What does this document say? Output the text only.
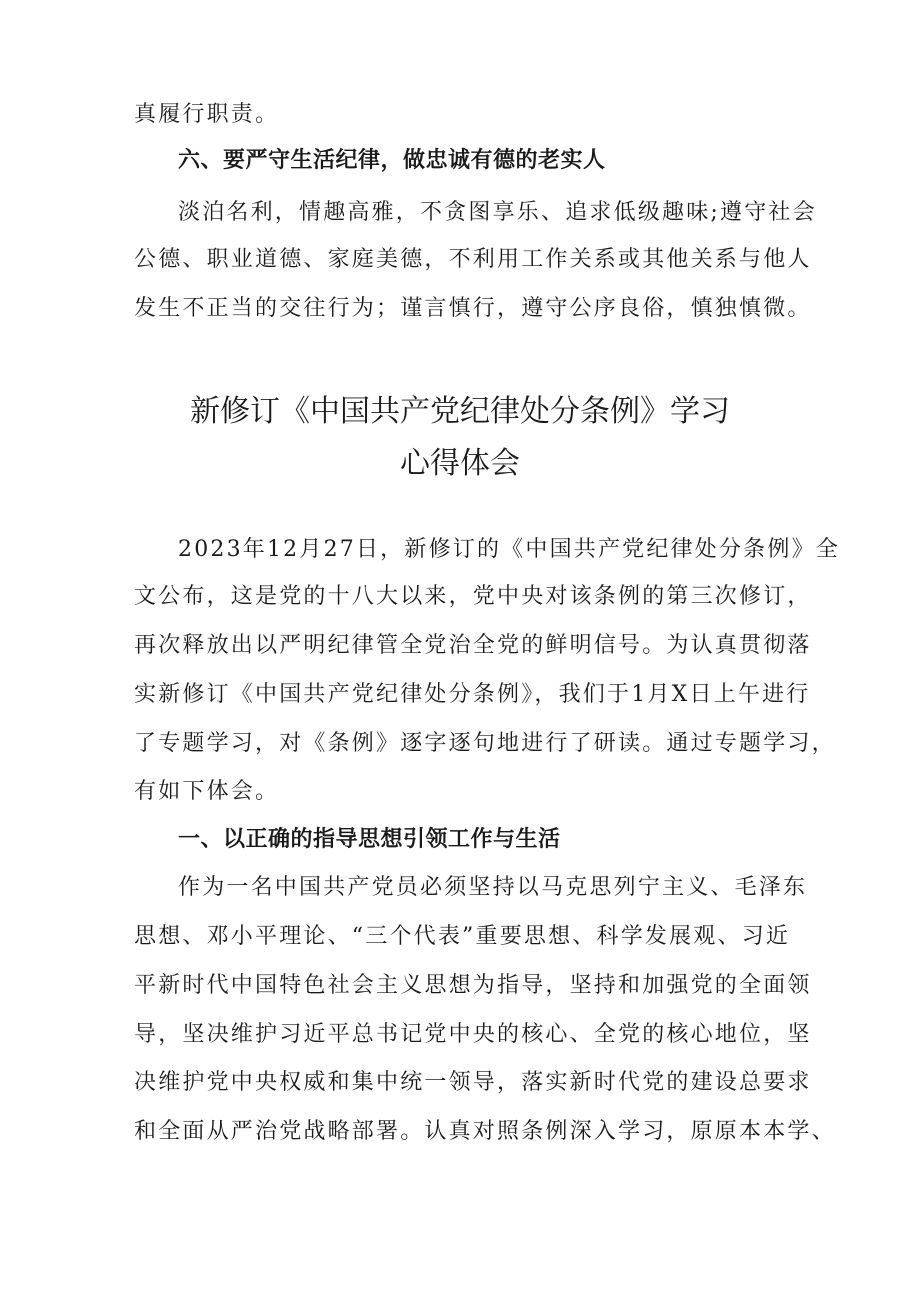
真履行职责。
六、要严守生活纪律，做忠诚有德的老实人
淡泊名利，情趣高雅，不贪图享乐、追求低级趣味;遵守社会
公德、职业道德、家庭美德，不利用工作关系或其他关系与他人
发生不正当的交往行为；谨言慎行，遵守公序良俗，慎独慎微。
新修订《中国共产党纪律处分条例》学习
心得体会
2023年12月27日，新修订的《中国共产党纪律处分条例》全
文公布，这是党的十八大以来，党中央对该条例的第三次修订，
再次释放出以严明纪律管全党治全党的鲜明信号。为认真贯彻落
实新修订《中国共产党纪律处分条例》，我们于1月X日上午进行
了专题学习，对《条例》逐字逐句地进行了研读。通过专题学习，
有如下体会。
一、以正确的指导思想引领工作与生活
作为一名中国共产党员必须坚持以马克思列宁主义、毛泽东
思想、邓小平理论、“三个代表”重要思想、科学发展观、习近
平新时代中国特色社会主义思想为指导，坚持和加强党的全面领
导，坚决维护习近平总书记党中央的核心、全党的核心地位，坚
决维护党中央权威和集中统一领导，落实新时代党的建设总要求
和全面从严治党战略部署。认真对照条例深入学习，原原本本学、
